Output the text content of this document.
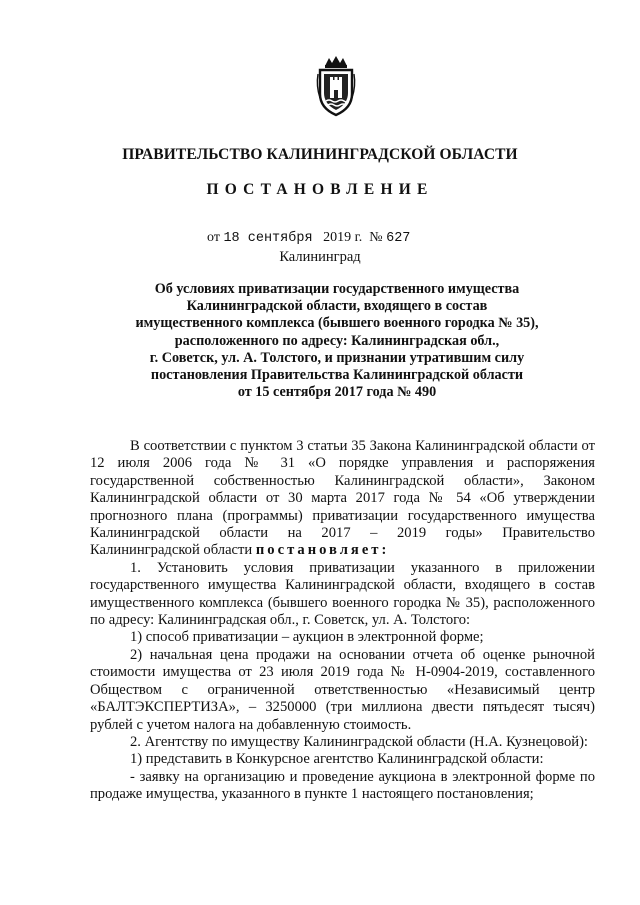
ПРАВИТЕЛЬСТВО КАЛИНИНГРАДСКОЙ ОБЛАСТИ
ПОСТАНОВЛЕНИЕ
от 18 сентября 2019 г. № 627
Калининград
Об условиях приватизации государственного имущества
Калининградской области, входящего в состав
имущественного комплекса (бывшего военного городка № 35),
расположенного по адресу: Калининградская обл.,
г. Советск, ул. А. Толстого, и признании утратившим силу
постановления Правительства Калининградской области
от 15 сентября 2017 года № 490

В соответствии с пунктом 3 статьи 35 Закона Калининградской области от 12 июля 2006 года № 31 «О порядке управления и распоряжения государственной собственностью Калининградской области», Законом Калининградской области от 30 марта 2017 года № 54 «Об утверждении прогнозного плана (программы) приватизации государственного имущества Калининградской области на 2017 – 2019 годы» Правительство Калининградской области постановляет:

1. Установить условия приватизации указанного в приложении государственного имущества Калининградской области, входящего в состав имущественного комплекса (бывшего военного городка № 35), расположенного по адресу: Калининградская обл., г. Советск, ул. А. Толстого:

1) способ приватизации – аукцион в электронной форме;

2) начальная цена продажи на основании отчета об оценке рыночной стоимости имущества от 23 июля 2019 года № Н-0904-2019, составленного Обществом с ограниченной ответственностью «Независимый центр «БАЛТЭКСПЕРТИЗА», – 3250000 (три миллиона двести пятьдесят тысяч) рублей с учетом налога на добавленную стоимость.

2. Агентству по имуществу Калининградской области (Н.А. Кузнецовой):

1) представить в Конкурсное агентство Калининградской области:

- заявку на организацию и проведение аукциона в электронной форме по продаже имущества, указанного в пункте 1 настоящего постановления;
